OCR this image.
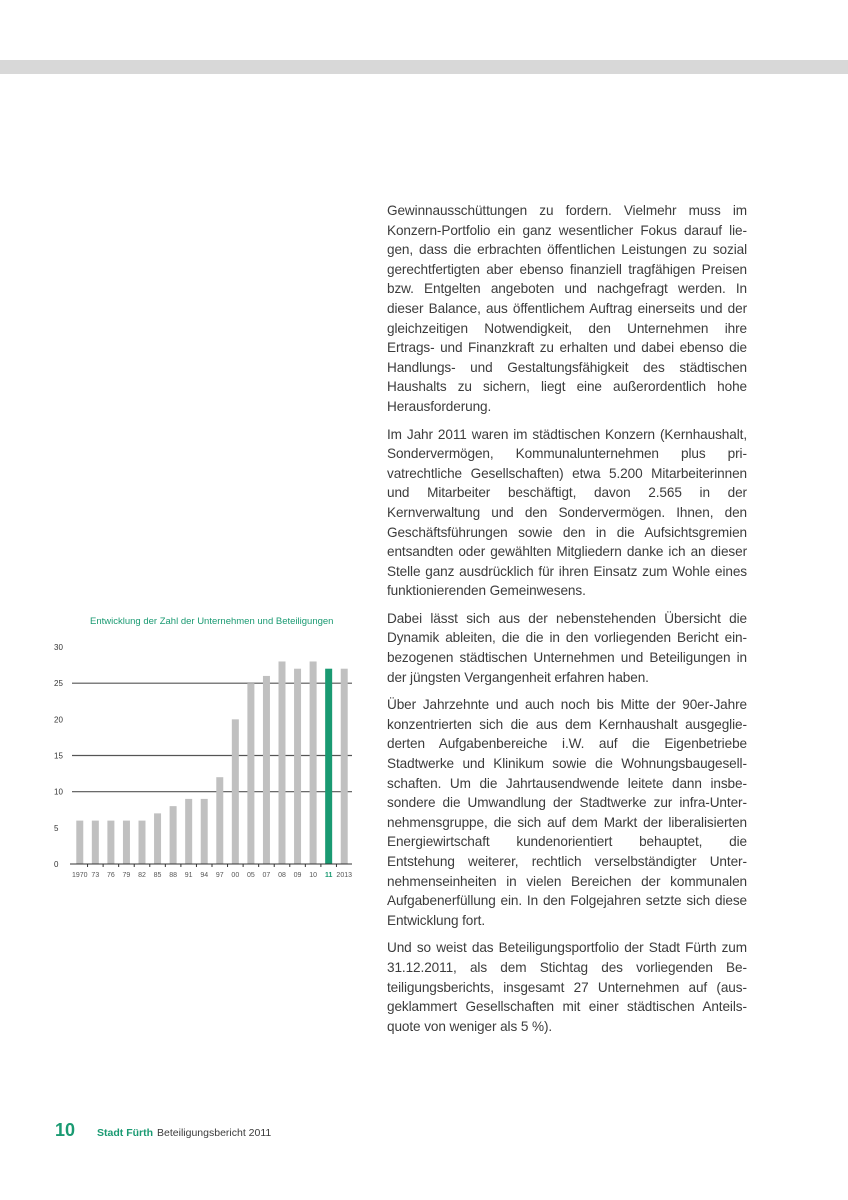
Entwicklung der Zahl der Unternehmen und Beteiligungen
0
5
10
15
20
25
30
1970 73 76 79 82 85 88 91 94 97 00 05 07 08 09 10 11 2013

Gewinnausschüttungen zu fordern. Vielmehr muss im Konzern-Portfolio ein ganz wesentlicher Fokus darauf liegen, dass die erbrachten öffentlichen Leistungen zu sozial gerechtfertigten aber ebenso finanziell tragfähigen Preisen bzw. Entgelten angeboten und nachgefragt werden. In dieser Balance, aus öffentlichem Auftrag einerseits und der gleichzeitigen Notwendigkeit, den Unternehmen ihre Ertrags- und Finanzkraft zu erhalten und dabei ebenso die Handlungs- und Gestaltungsfähigkeit des städtischen Haushalts zu sichern, liegt eine außerordentlich hohe Herausforderung.

Im Jahr 2011 waren im städtischen Konzern (Kernhaushalt, Sondervermögen, Kommunalunternehmen plus privatrechtliche Gesellschaften) etwa 5.200 Mitarbeiterinnen und Mitarbeiter beschäftigt, davon 2.565 in der Kernverwaltung und den Sondervermögen. Ihnen, den Geschäftsführungen sowie den in die Aufsichtsgremien entsandten oder gewählten Mitgliedern danke ich an dieser Stelle ganz ausdrücklich für ihren Einsatz zum Wohle eines funktionierenden Gemeinwesens.

Dabei lässt sich aus der nebenstehenden Übersicht die Dynamik ableiten, die die in den vorliegenden Bericht einbezogenen städtischen Unternehmen und Beteiligungen in der jüngsten Vergangenheit erfahren haben.

Über Jahrzehnte und auch noch bis Mitte der 90er-Jahre konzentrierten sich die aus dem Kernhaushalt ausgegliederten Aufgabenbereiche i.W. auf die Eigenbetriebe Stadtwerke und Klinikum sowie die Wohnungsbaugesellschaften. Um die Jahrtausendwende leitete dann insbesondere die Umwandlung der Stadtwerke zur infra-Unternehmensgruppe, die sich auf dem Markt der liberalisierten Energiewirtschaft kundenorientiert behauptet, die Entstehung weiterer, rechtlich verselbständigter Unternehmenseinheiten in vielen Bereichen der kommunalen Aufgabenerfüllung ein. In den Folgejahren setzte sich diese Entwicklung fort.

Und so weist das Beteiligungsportfolio der Stadt Fürth zum 31.12.2011, als dem Stichtag des vorliegenden Beteiligungsberichts, insgesamt 27 Unternehmen auf (ausgeklammert Gesellschaften mit einer städtischen Anteilsquote von weniger als 5 %).

10 Stadt Fürth Beteiligungsbericht 2011
